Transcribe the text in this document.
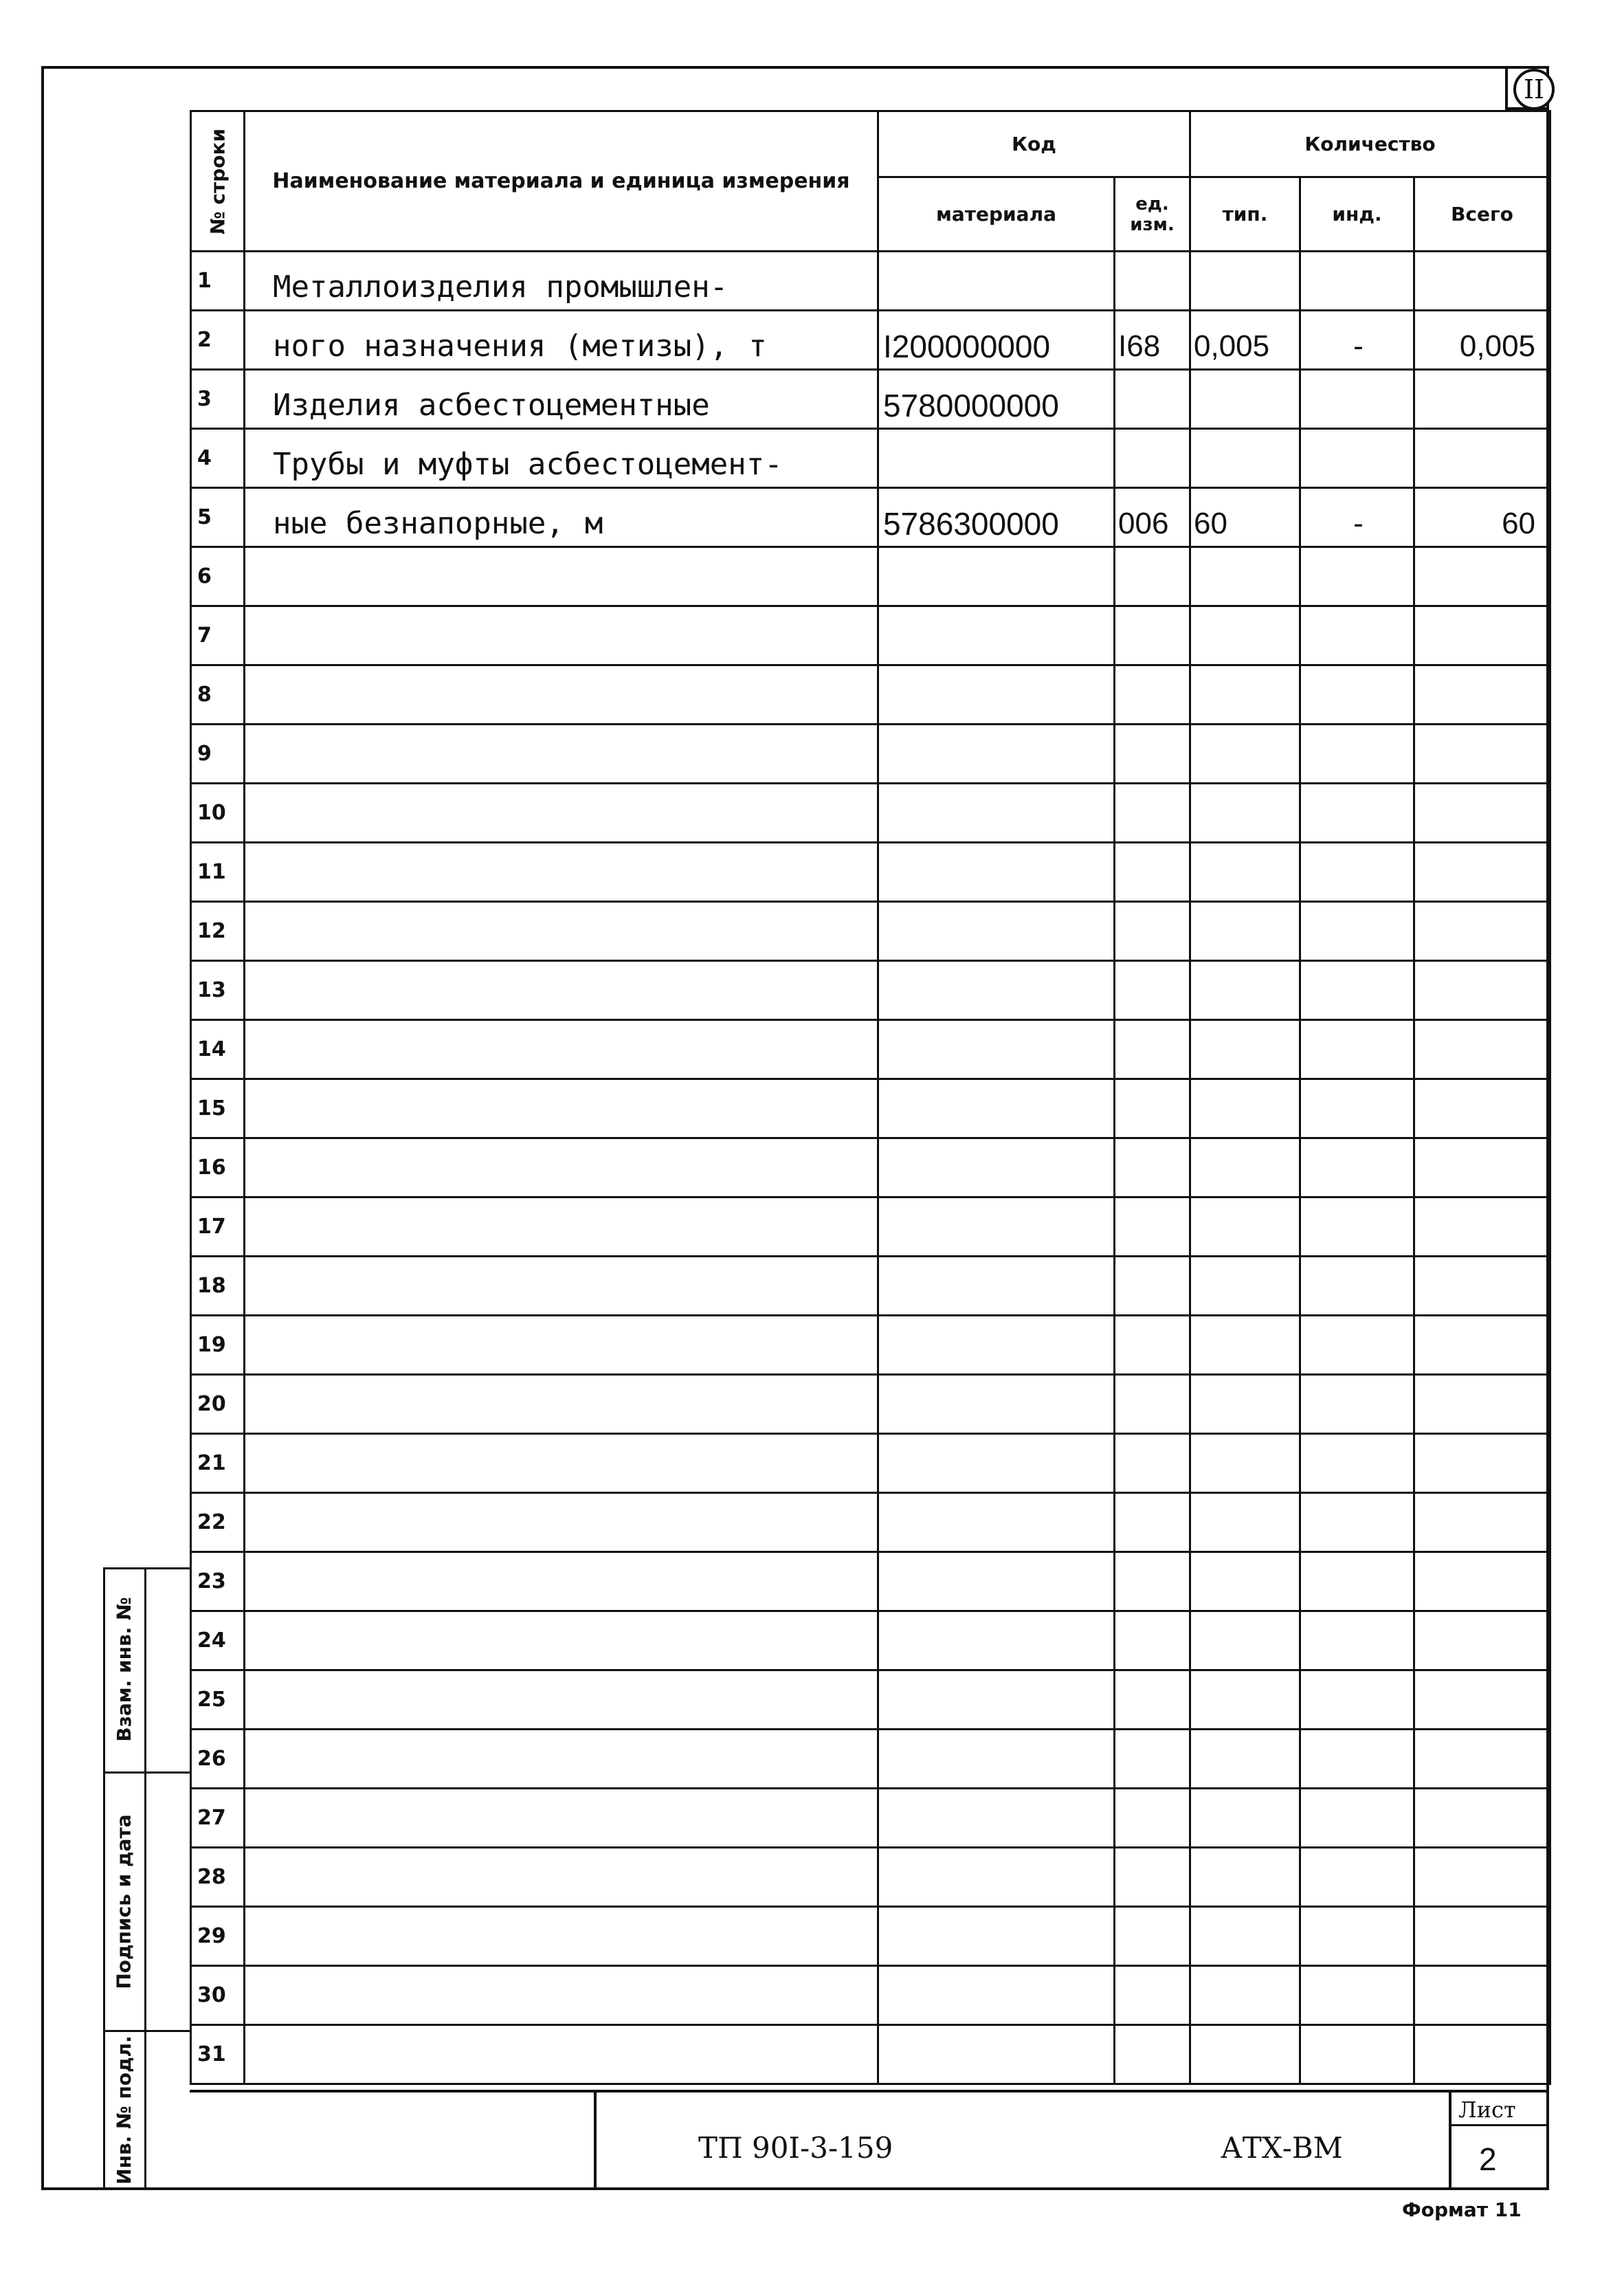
II
№ строки	Наименование материала и единица измерения	Код		Количество		
		материала	ед. изм.	тип.	инд.	Всего
1	Металлоизделия промышлен-					
2	ного назначения (метизы), т	I200000000	I68	0,005	-	0,005
3	Изделия асбестоцементные	5780000000				
4	Трубы и муфты асбестоцемент-					
5	ные безнапорные, м	5786300000	006	60	-	60
6						
7						
8						
9						
10						
11						
12						
13						
14						
15						
16						
17						
18						
19						
20						
21						
22						
23						
24						
25						
26						
27						
28						
29						
30						
31						
Взам. инв. №
Подпись и дата
Инв. № подл.	ТП 90I-3-159	АТХ-ВМ
Лист
2
Формат 11
